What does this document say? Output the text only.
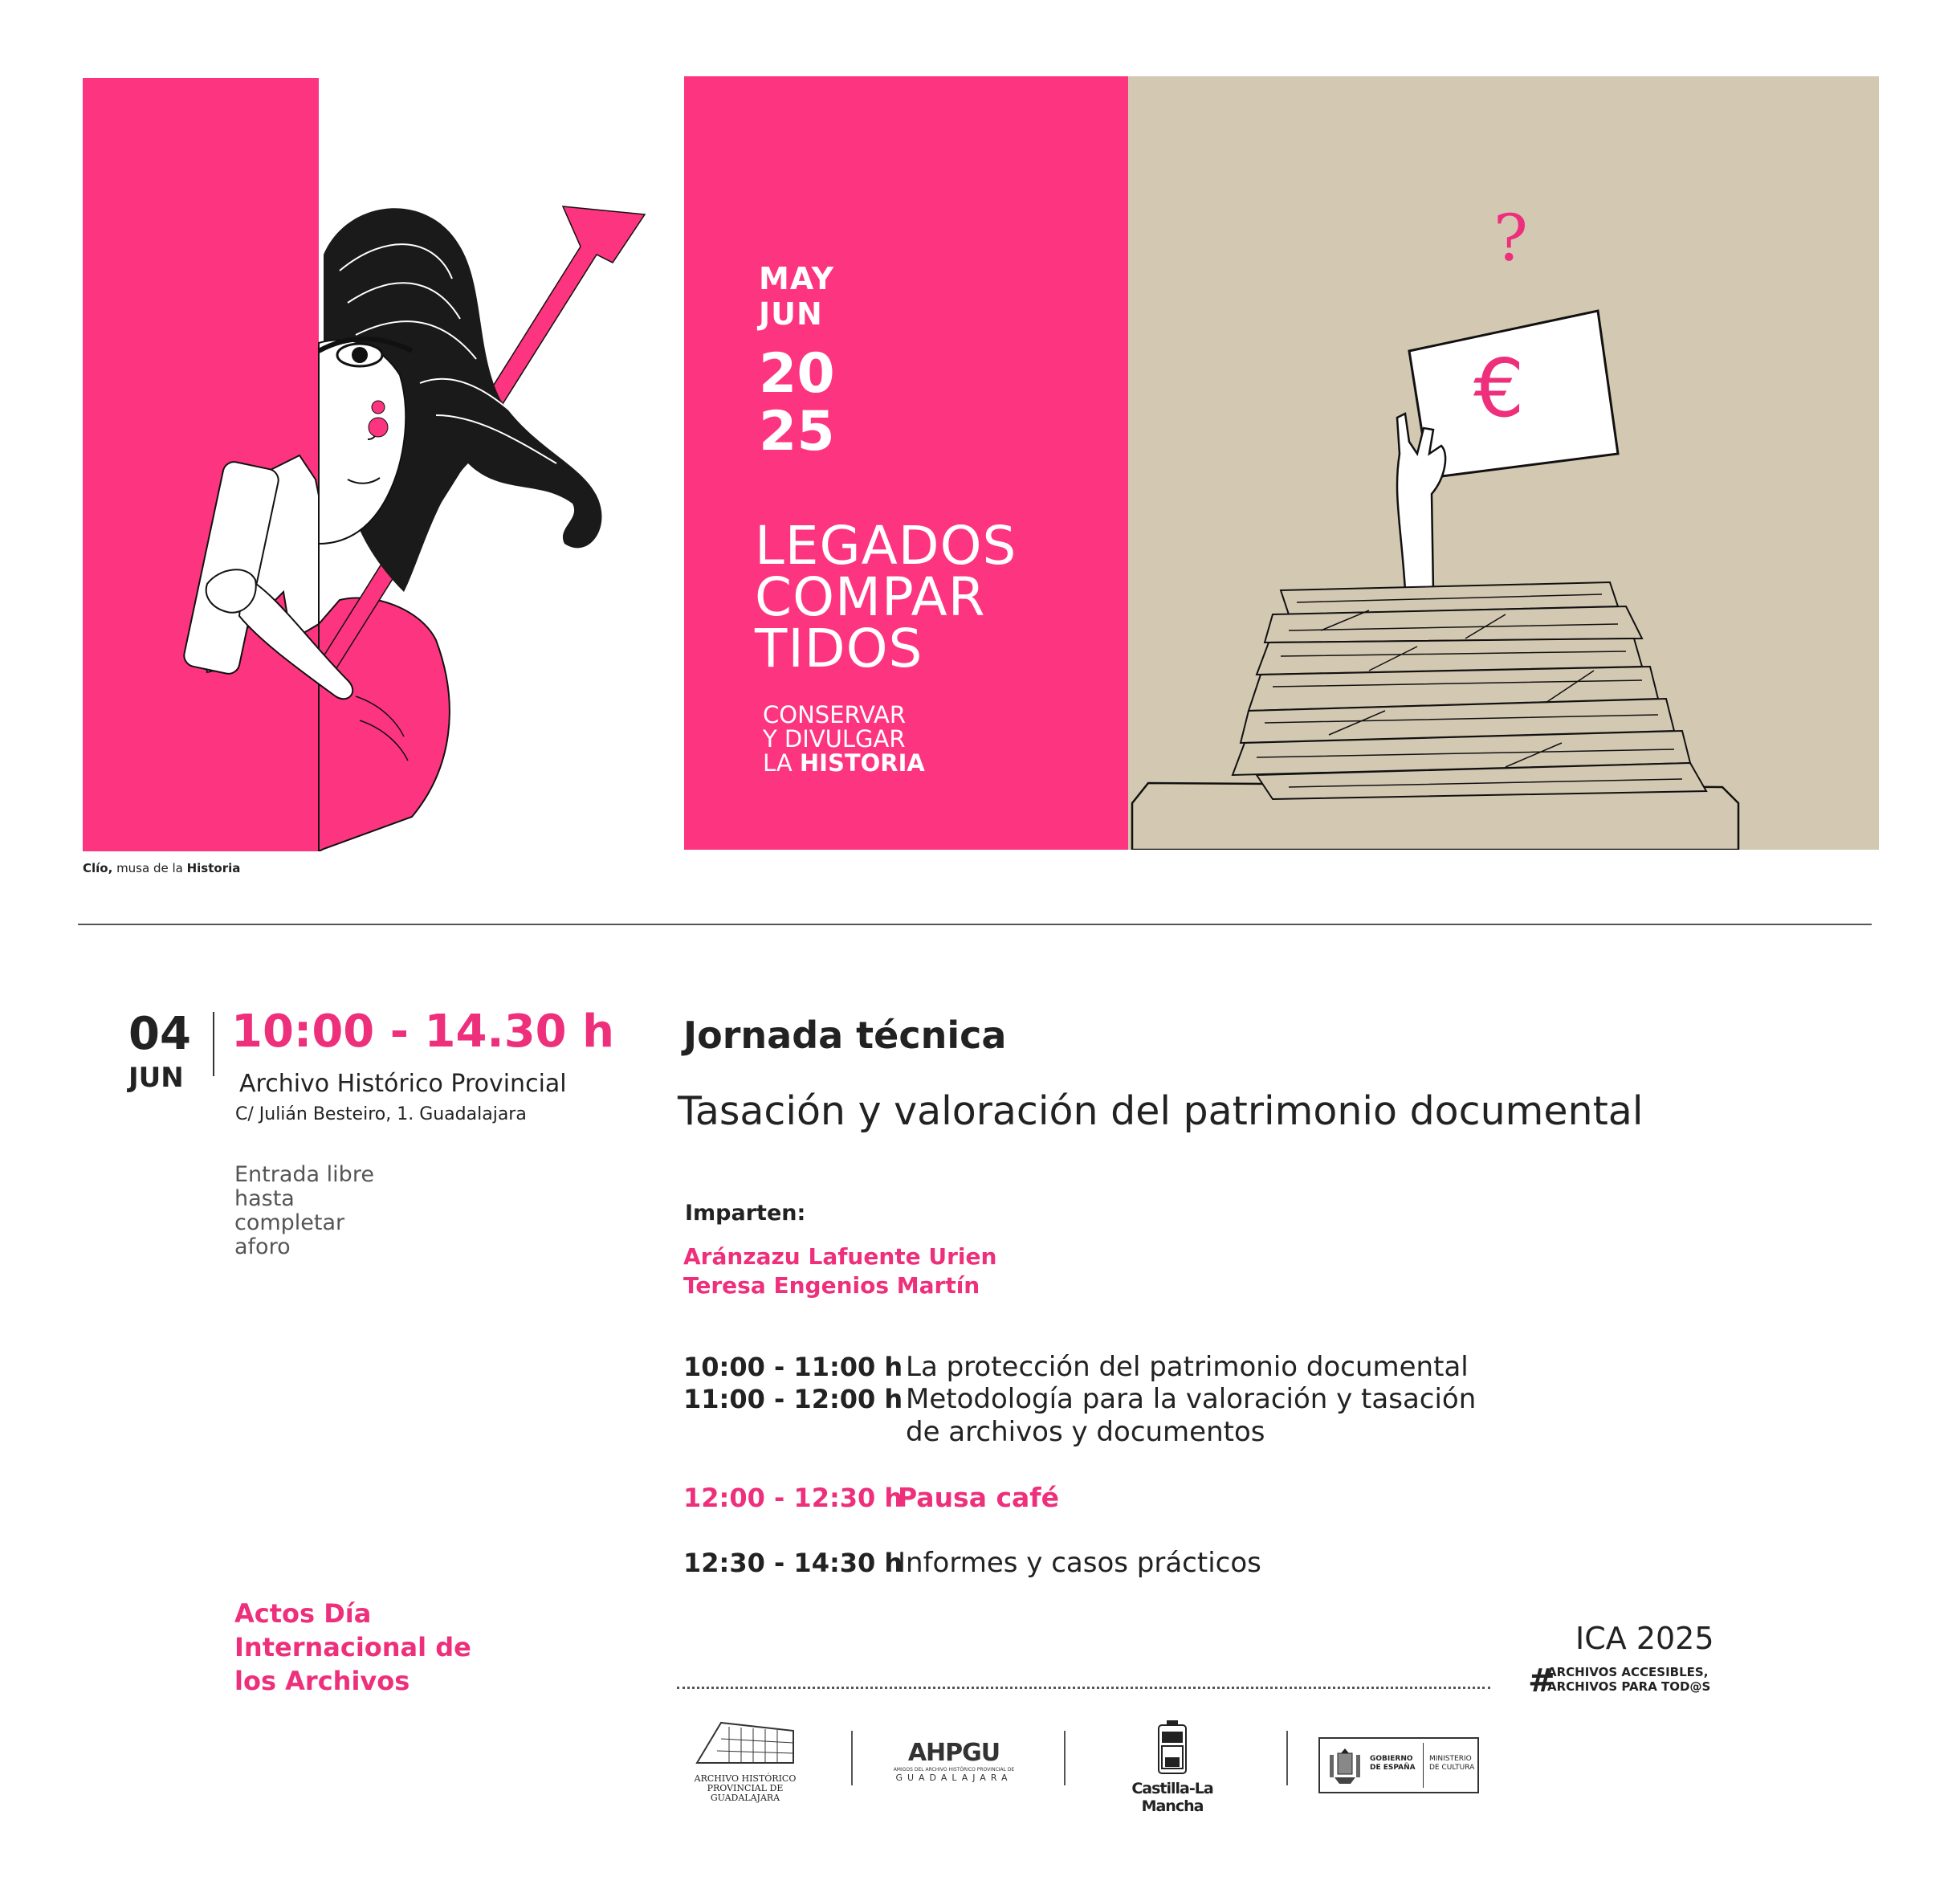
MAY
JUN
20
25
LEGADOS
COMPAR
TIDOS
CONSERVAR
Y DIVULGAR
LA HISTORIA
?
€
Clío, musa de la Historia
04
JUN
10:00 - 14.30 h
Archivo Histórico Provincial
C/ Julián Besteiro, 1. Guadalajara
Entrada libre hasta completar aforo
Jornada técnica
Tasación y valoración del patrimonio documental
Imparten:
Aránzazu Lafuente Urien
Teresa Engenios Martín
10:00 - 11:00 h La protección del patrimonio documental
11:00 - 12:00 h Metodología para la valoración y tasación
de archivos y documentos
12:00 - 12:30 h
Pausa café
12:30 - 14:30 h
Informes y casos prácticos
Actos Día Internacional de los Archivos
ICA 2025
#
ARCHIVOS ACCESIBLES,
ARCHIVOS PARA TOD@S
ARCHIVO HISTÓRICO
PROVINCIAL DE GUADALAJARA
AHPGU
AMIGOS DEL ARCHIVO HISTÓRICO PROVINCIAL DE
GUADALAJARA
Castilla-La Mancha
GOBIERNO
DE ESPAÑA
MINISTERIO
DE CULTURA
